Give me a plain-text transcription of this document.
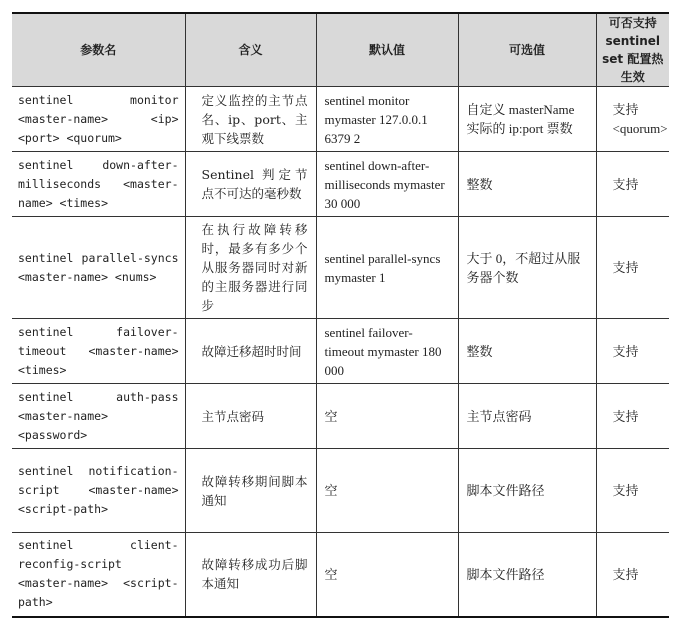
参数名	含义	默认值	可选值	可否支持 sentinel set 配置热生效
sentinel monitor <master-name> <ip> <port> <quorum>	定义监控的主节点名、ip、port、主观下线票数	sentinel monitor mymaster 127.0.0.1 6379 2	自定义 masterName 实际的 ip:port 票数	支持 <quorum>
sentinel down-after-milliseconds <master-name> <times>	Sentinel 判定节点不可达的毫秒数	sentinel down-after-milliseconds mymaster 30 000	整数	支持
sentinel parallel-syncs <master-name> <nums>	在执行故障转移时，最多有多少个从服务器同时对新的主服务器进行同步	sentinel parallel-syncs mymaster 1	大于 0，不超过从服务器个数	支持
sentinel failover-timeout <master-name> <times>	故障迁移超时时间	sentinel failover-timeout mymaster 180 000	整数	支持
sentinel auth-pass <master-name> <password>	主节点密码	空	主节点密码	支持
sentinel notification-script <master-name> <script-path>	故障转移期间脚本通知	空	脚本文件路径	支持
sentinel client-reconfig-script <master-name> <script-path>	故障转移成功后脚本通知	空	脚本文件路径	支持
